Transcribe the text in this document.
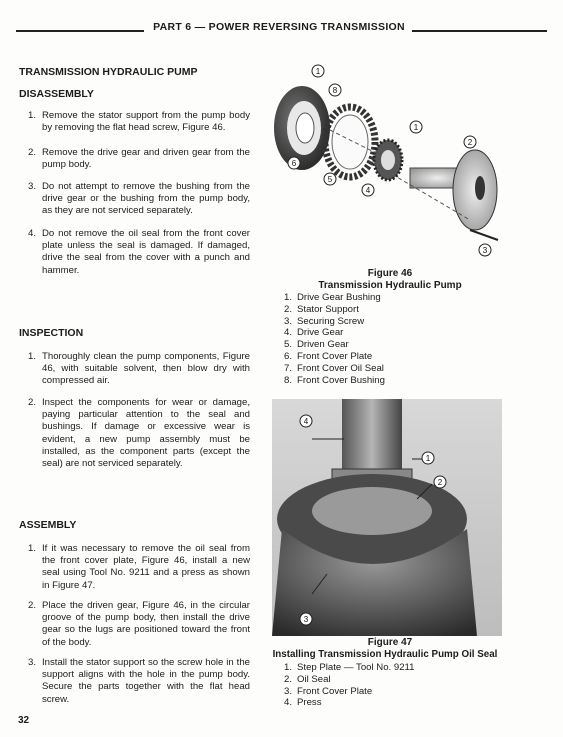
PART 6 — POWER REVERSING TRANSMISSION
TRANSMISSION HYDRAULIC PUMP
DISASSEMBLY
1. Remove the stator support from the pump body by removing the flat head screw, Figure 46.
2. Remove the drive gear and driven gear from the pump body.
3. Do not attempt to remove the bushing from the drive gear or the bushing from the pump body, as they are not serviced separately.
4. Do not remove the oil seal from the front cover plate unless the seal is damaged. If damaged, drive the seal from the cover with a punch and hammer.
INSPECTION
1. Thoroughly clean the pump components, Figure 46, with suitable solvent, then blow dry with compressed air.
2. Inspect the components for wear or damage, paying particular attention to the seal and bushings. If damage or excessive wear is evident, a new pump assembly must be installed, as the component parts (except the seal) are not serviced separately.
ASSEMBLY
1. If it was necessary to remove the oil seal from the front cover plate, Figure 46, install a new seal using Tool No. 9211 and a press as shown in Figure 47.
2. Place the driven gear, Figure 46, in the circular groove of the pump body, then install the drive gear so the lugs are positioned toward the front of the body.
3. Install the stator support so the screw hole in the support aligns with the hole in the pump body. Secure the parts together with the flat head screw.
32
1
8
1
2
6
5
4
3
Figure 46
Transmission Hydraulic Pump
1. Drive Gear Bushing
2. Stator Support
3. Securing Screw
4. Drive Gear
5. Driven Gear
6. Front Cover Plate
7. Front Cover Oil Seal
8. Front Cover Bushing
4
1
2
3
Figure 47
Installing Transmission Hydraulic Pump Oil Seal
1. Step Plate — Tool No. 9211
2. Oil Seal
3. Front Cover Plate
4. Press
